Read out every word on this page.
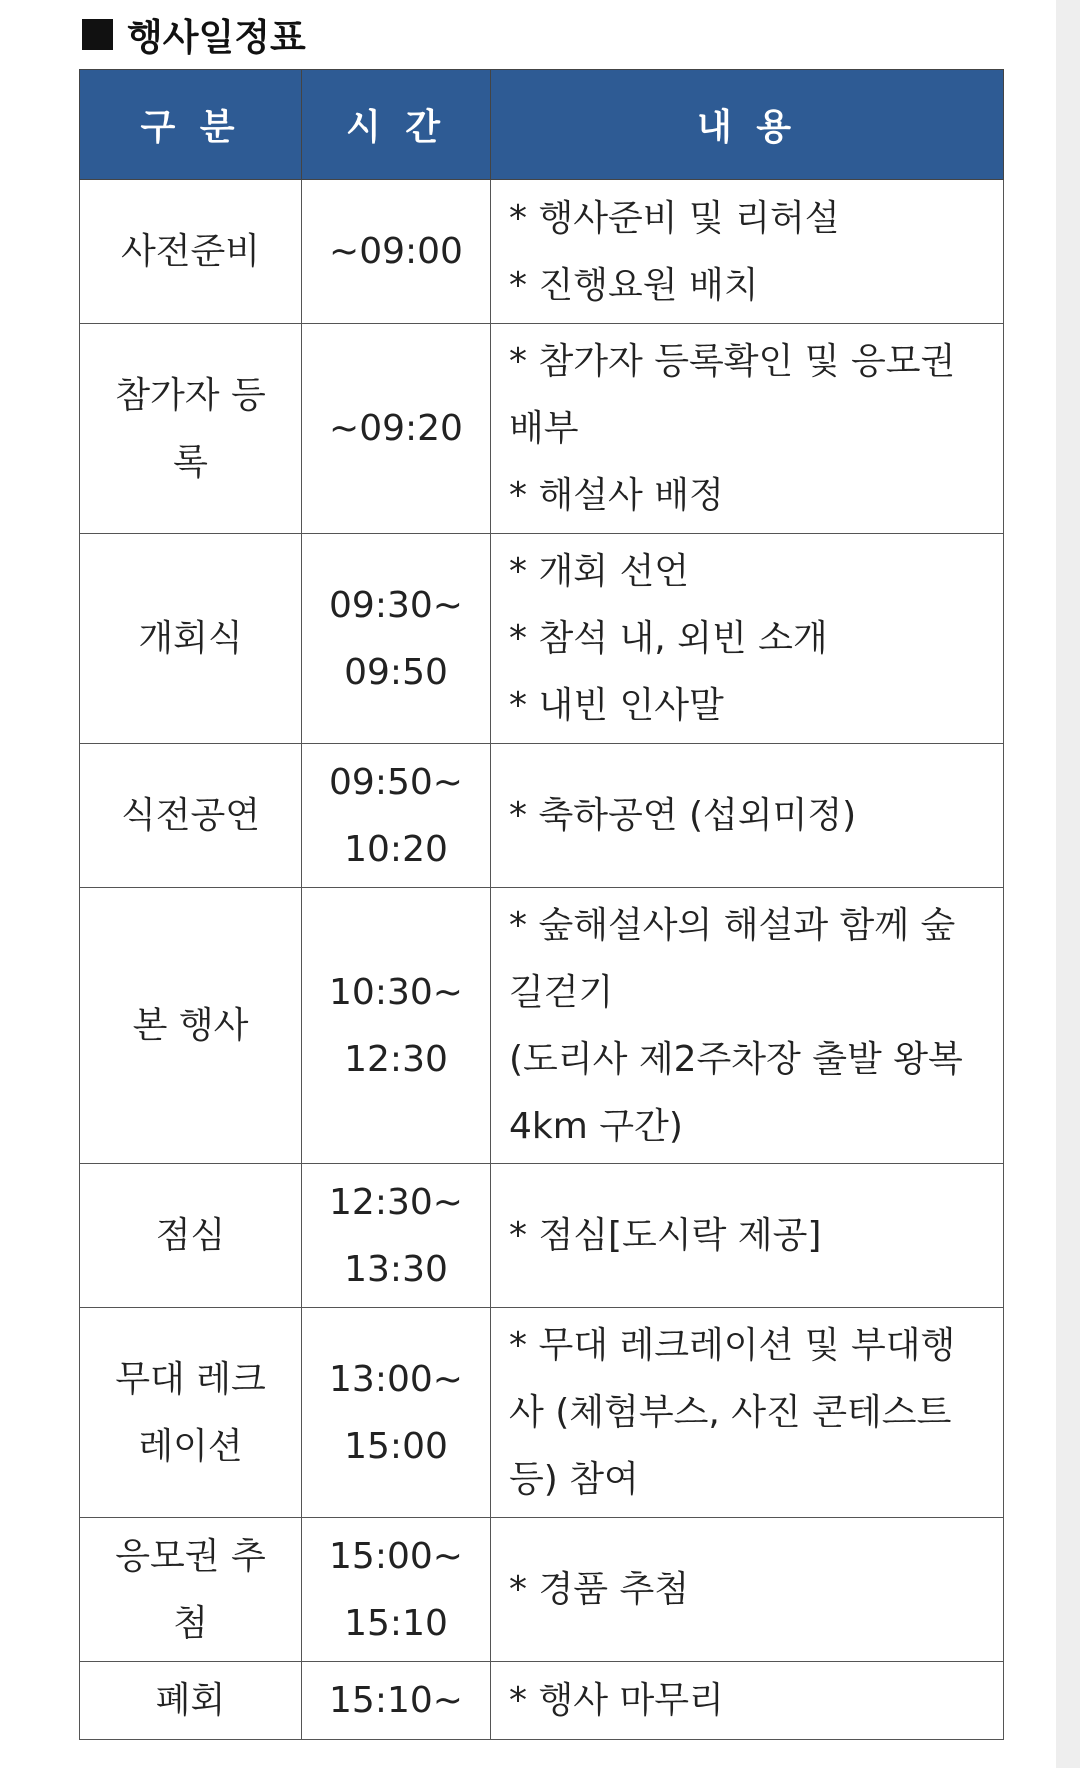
행사일정표
구 분	시 간	내 용
사전준비	~09:00	* 행사준비 및 리허설
* 진행요원 배치

참가자 등록	~09:20	* 참가자 등록확인 및 응모권 배부
* 해설사 배정

개회식	09:30~09:50	* 개회 선언
* 참석 내, 외빈 소개
* 내빈 인사말

식전공연	09:50~10:20	* 축하공연 (섭외미정)

본 행사	10:30~12:30	* 숲해설사의 해설과 함께 숲길걷기
(도리사 제2주차장 출발 왕복 4km 구간)

점심	12:30~13:30	* 점심[도시락 제공]

무대 레크레이션	13:00~15:00	* 무대 레크레이션 및 부대행사 (체험부스, 사진 콘테스트 등) 참여

응모권 추첨	15:00~15:10	* 경품 추첨

폐회	15:10~	* 행사 마무리
